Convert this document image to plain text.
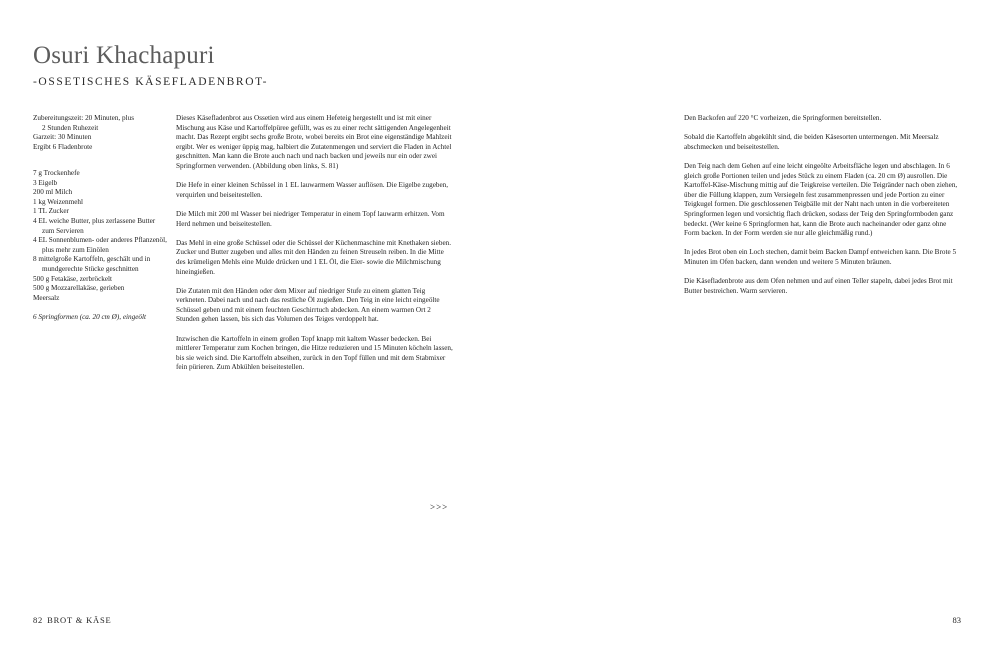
Osuri Khachapuri
-OSSETISCHES KÄSEFLADENBROT-
Zubereitungszeit: 20 Minuten, plus
2 Stunden Ruhezeit
Garzeit: 30 Minuten
Ergibt 6 Fladenbrote
7 g Trockenhefe
3 Eigelb
200 ml Milch
1 kg Weizenmehl
1 TL Zucker
4 EL weiche Butter, plus zerlassene Butter zum Servieren
4 EL Sonnenblumen- oder anderes Pflanzenöl, plus mehr zum Einölen
8 mittelgroße Kartoffeln, geschält und in mundgerechte Stücke geschnitten
500 g Fetakäse, zerbröckelt
500 g Mozzarellakäse, gerieben
Meersalz
6 Springformen (ca. 20 cm Ø), eingeölt

Dieses Käsefladenbrot aus Ossetien wird aus einem Hefeteig hergestellt und ist mit einer Mischung aus Käse und Kartoffelpüree gefüllt, was es zu einer recht sättigenden Angelegenheit macht. Das Rezept ergibt sechs große Brote, wobei bereits ein Brot eine eigenständige Mahlzeit ergibt. Wer es weniger üppig mag, halbiert die Zutatenmengen und serviert die Fladen in Achtel geschnitten. Man kann die Brote auch nach und nach backen und jeweils nur ein oder zwei Springformen verwenden. (Abbildung oben links, S. 81)

Die Hefe in einer kleinen Schüssel in 1 EL lauwarmem Wasser auflösen. Die Eigelbe zugeben, verquirlen und beiseitestellen.

Die Milch mit 200 ml Wasser bei niedriger Temperatur in einem Topf lauwarm erhitzen. Vom Herd nehmen und beiseitestellen.

Das Mehl in eine große Schüssel oder die Schüssel der Küchenmaschine mit Knethaken sieben. Zucker und Butter zugeben und alles mit den Händen zu feinen Streuseln reiben. In die Mitte des krümeligen Mehls eine Mulde drücken und 1 EL Öl, die Eier- sowie die Milchmischung hineingießen.

Die Zutaten mit den Händen oder dem Mixer auf niedriger Stufe zu einem glatten Teig verkneten. Dabei nach und nach das restliche Öl zugießen. Den Teig in eine leicht eingeölte Schüssel geben und mit einem feuchten Geschirrtuch abdecken. An einem warmen Ort 2 Stunden gehen lassen, bis sich das Volumen des Teiges verdoppelt hat.

Inzwischen die Kartoffeln in einem großen Topf knapp mit kaltem Wasser bedecken. Bei mittlerer Temperatur zum Kochen bringen, die Hitze reduzieren und 15 Minuten köcheln lassen, bis sie weich sind. Die Kartoffeln abseihen, zurück in den Topf füllen und mit dem Stabmixer fein pürieren. Zum Abkühlen beiseitestellen.

>>>
82 BROT & KÄSE

Den Backofen auf 220 °C vorheizen, die Springformen bereitstellen.

Sobald die Kartoffeln abgekühlt sind, die beiden Käsesorten untermengen. Mit Meersalz abschmecken und beiseitestellen.

Den Teig nach dem Gehen auf eine leicht eingeölte Arbeitsfläche legen und abschlagen. In 6 gleich große Portionen teilen und jedes Stück zu einem Fladen (ca. 20 cm Ø) ausrollen. Die Kartoffel-Käse-Mischung mittig auf die Teigkreise verteilen. Die Teigränder nach oben ziehen, über die Füllung klappen, zum Versiegeln fest zusammenpressen und jede Portion zu einer Teigkugel formen. Die geschlossenen Teigbälle mit der Naht nach unten in die vorbereiteten Springformen legen und vorsichtig flach drücken, sodass der Teig den Springformboden ganz bedeckt. (Wer keine 6 Springformen hat, kann die Brote auch nacheinander oder ganz ohne Form backen. In der Form werden sie nur alle gleichmäßig rund.)

In jedes Brot oben ein Loch stechen, damit beim Backen Dampf entweichen kann. Die Brote 5 Minuten im Ofen backen, dann wenden und weitere 5 Minuten bräunen.

Die Käsefladenbrote aus dem Ofen nehmen und auf einen Teller stapeln, dabei jedes Brot mit Butter bestreichen. Warm servieren.

83
